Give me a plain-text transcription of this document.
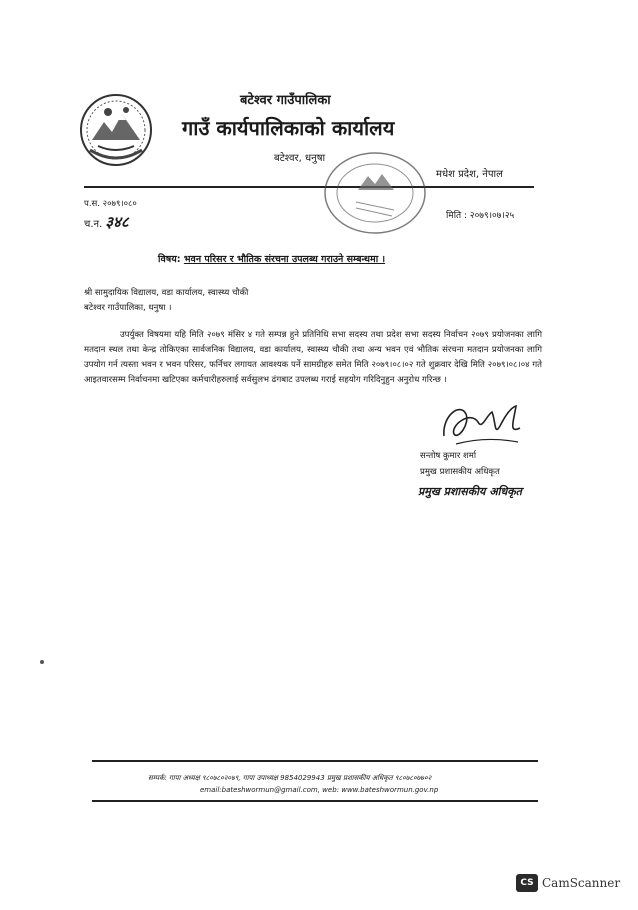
बटेश्वर गाउँपालिका
गाउँ कार्यपालिकाको कार्यालय
बटेश्वर, धनुषा
मधेश प्रदेश, नेपाल
प.स. २०७९।०८०
च.न. ३४८	मिति : २०७९।०७।२५
विषय: भवन परिसर र भौतिक संरचना उपलब्ध गराउने सम्बन्धमा ।
श्री सामुदायिक विद्यालय, वडा कार्यालय, स्वास्थ्य चौकी
बटेश्वर गाउँपालिका, धनुषा ।

उपर्युक्त विषयमा यहि मिति २०७९ मंसिर ४ गते सम्पन्न हुने प्रतिनिधि सभा सदस्य तथा प्रदेश सभा सदस्य निर्वाचन २०७९ प्रयोजनका लागि मतदान स्थल तथा केन्द्र तोकिएका सार्वजनिक विद्यालय, वडा कार्यालय, स्वास्थ्य चौकी तथा अन्य भवन एवं भौतिक संरचना मतदान प्रयोजनका लागि उपयोग गर्न त्यस्ता भवन र भवन परिसर, फर्निचर लगायत आवश्यक पर्ने सामग्रीहरु समेत मिति २०७९।०८।०२ गते शुक्रवार देखि मिति २०७९।०८।०४ गते आइतवारसम्म निर्वाचनमा खटिएका कर्मचारीहरुलाई सर्वसुलभ ढंगबाट उपलब्ध गराई सहयोग गरिदिनुहुन अनुरोध गरिन्छ ।

सन्तोष कुमार शर्मा
प्रमुख प्रशासकीय अधिकृत
प्रमुख प्रशासकीय अधिकृत
सम्पर्क: गापा अध्यक्ष ९८०७८०२०७९, गापा उपाध्यक्ष 9854029943 प्रमुख प्रशासकीय अधिकृत ९८०७८०७७०२
email:bateshwormun@gmail.com, web: www.bateshwormun.gov.np
CS CamScanner
